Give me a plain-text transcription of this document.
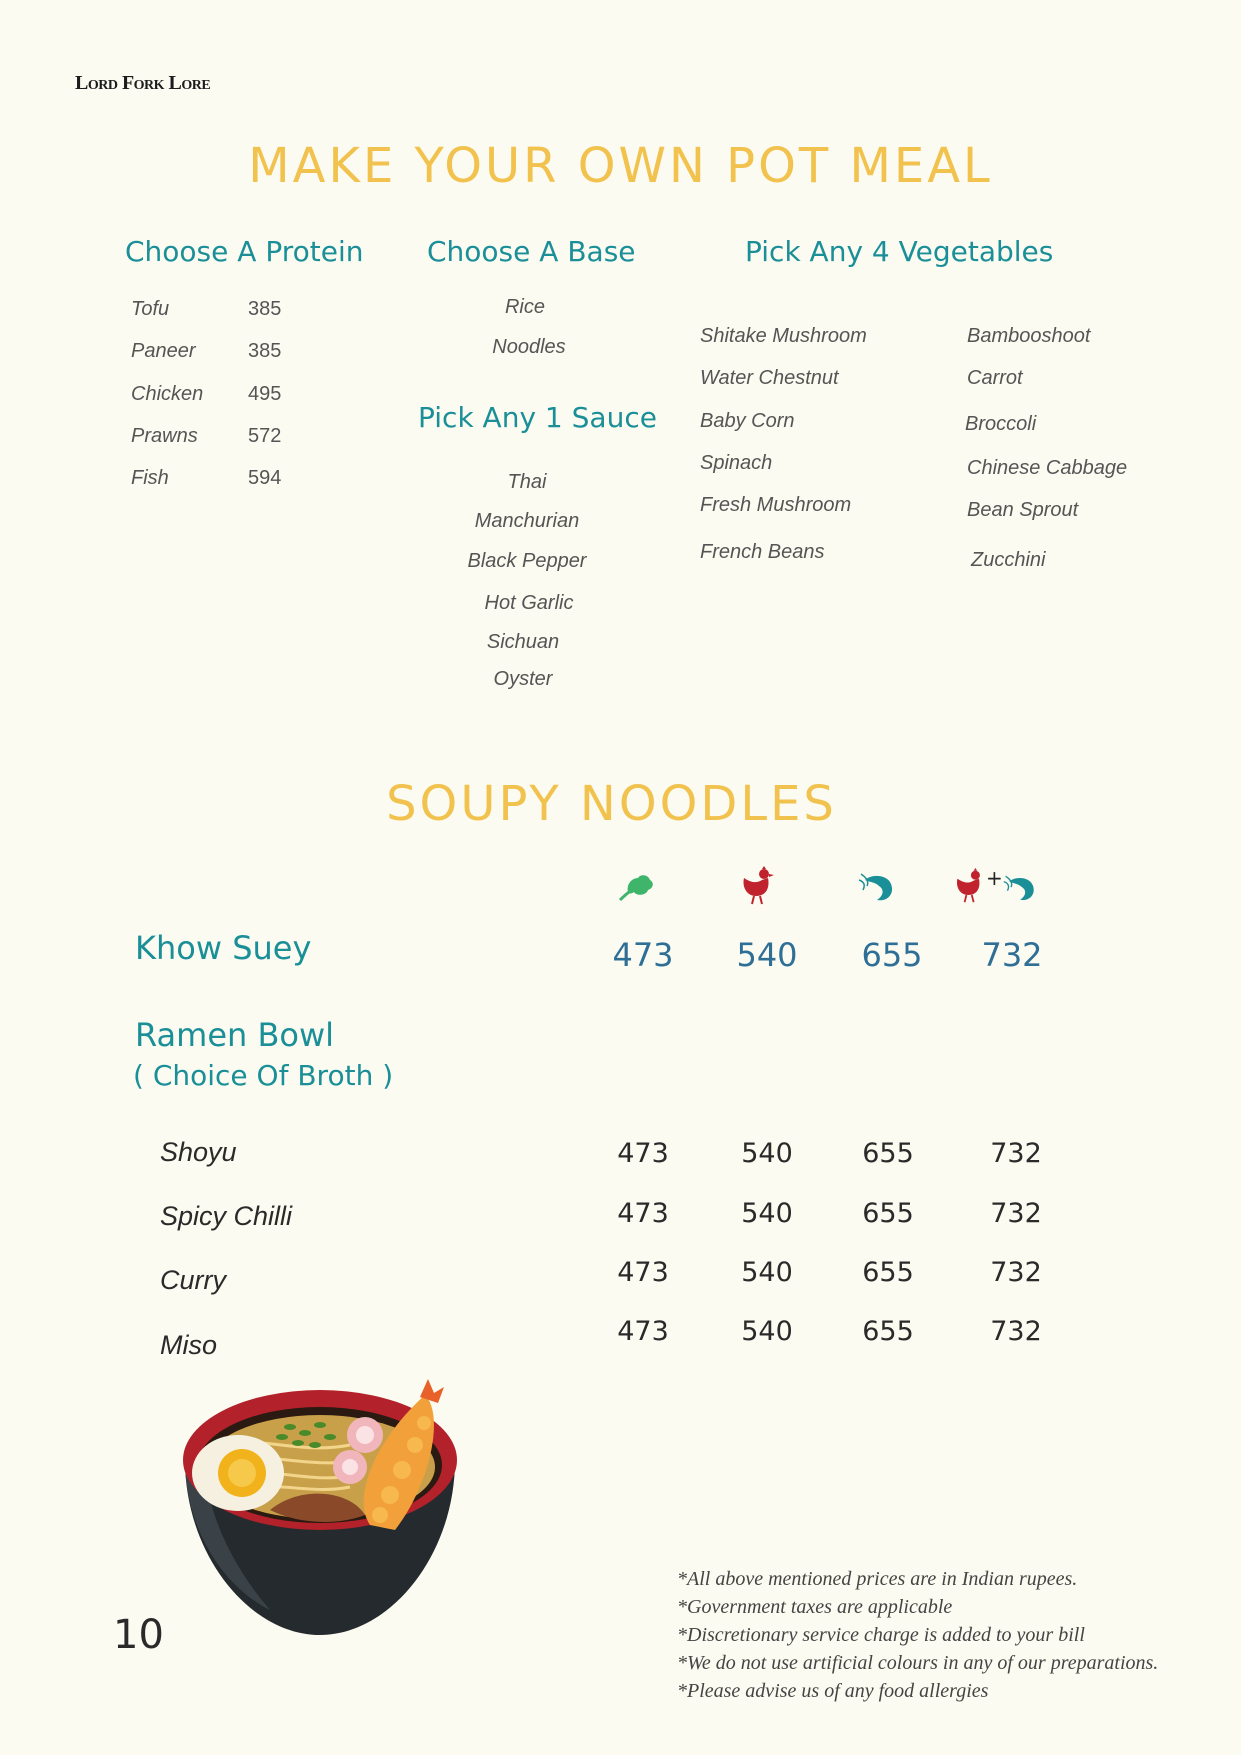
Lord Fork Lore
MAKE YOUR OWN POT MEAL
Choose A Protein
Tofu	385
Paneer	385
Chicken 495
Prawns	572
Fish	594
Choose A Base
Rice
Noodles
Pick Any 1 Sauce
Thai
Manchurian
Black Pepper
Hot Garlic
Sichuan
Oyster
Pick Any 4 Vegetables
Shitake Mushroom
Water Chestnut
Baby Corn
Spinach
Fresh Mushroom
French Beans
Bambooshoot
Carrot
Broccoli
Chinese Cabbage
Bean Sprout
Zucchini
SOUPY NOODLES
+
Khow Suey	473	540	655	732
Ramen Bowl
( Choice Of Broth )
Shoyu	473	540	655	732
Spicy Chilli	473	540	655	732
Curry	473	540	655	732
Miso	473	540	655	732
10
*All above mentioned prices are in Indian rupees.
*Government taxes are applicable
*Discretionary service charge is added to your bill
*We do not use artificial colours in any of our preparations.
*Please advise us of any food allergies
